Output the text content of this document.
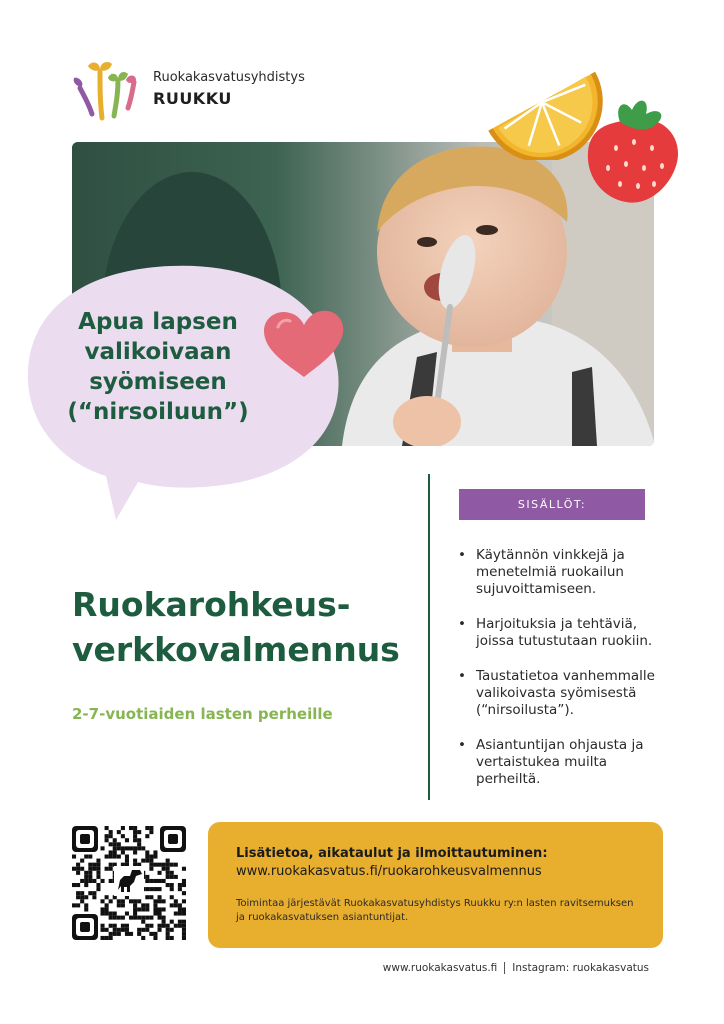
Ruokakasvatusyhdistys
RUUKKU
Apua lapsen valikoivaan syömiseen (“nirsoiluun”)
Ruokarohkeus-
verkkovalmennus
2-7-vuotiaiden lasten perheille
SISÄLLÖT:
• Käytännön vinkkejä ja menetelmiä ruokailun sujuvoittamiseen.
• Harjoituksia ja tehtäviä, joissa tutustutaan ruokiin.
• Taustatietoa vanhemmalle valikoivasta syömisestä (“nirsoilusta”).
• Asiantuntijan ohjausta ja vertaistukea muilta perheiltä.
Lisätietoa, aikataulut ja ilmoittautuminen:
www.ruokakasvatus.fi/ruokarohkeusvalmennus
Toimintaa järjestävät Ruokakasvatusyhdistys Ruukku ry:n lasten ravitsemuksen ja ruokakasvatuksen asiantuntijat.
www.ruokakasvatus.fi Instagram: ruokakasvatus
